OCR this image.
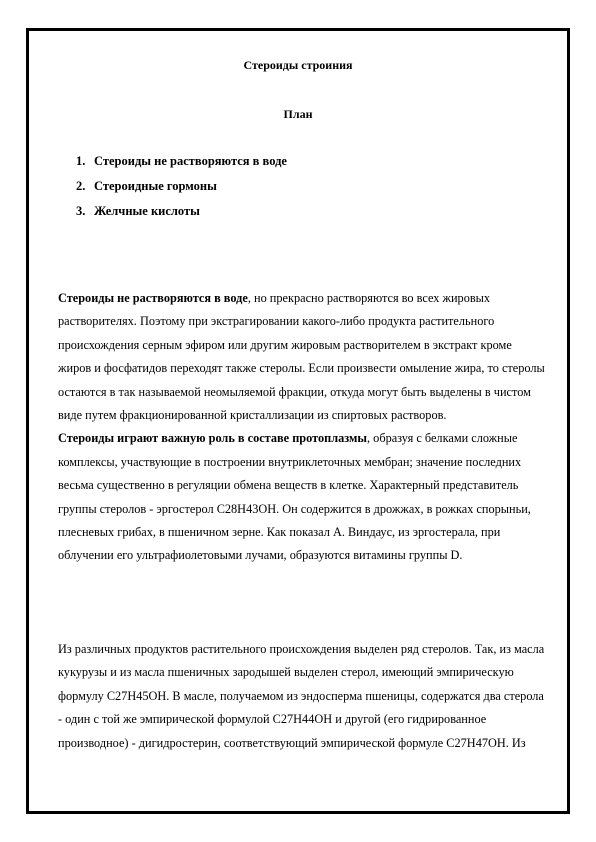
Стероиды строиния
План
1. Стероиды не растворяются в воде
2. Стероидные гормоны
3. Желчные кислоты
Стероиды не растворяются в воде, но прекрасно растворяются во всех жировых растворителях. Поэтому при экстрагировании какого-либо продукта растительного происхождения серным эфиром или другим жировым растворителем в экстракт кроме жиров и фосфатидов переходят также стеролы. Если произвести омыление жира, то стеролы остаются в так называемой неомыляемой фракции, откуда могут быть выделены в чистом виде путем фракционированной кристаллизации из спиртовых растворов.
Стероиды играют важную роль в составе протоплазмы, образуя с белками сложные комплексы, участвующие в построении внутриклеточных мембран; значение последних весьма существенно в регуляции обмена веществ в клетке. Характерный представитель группы стеролов - эргостерол C28H43OH. Он содержится в дрожжах, в рожках спорыньи, плесневых грибах, в пшеничном зерне. Как показал А. Виндаус, из эргостерала, при облучении его ультрафиолетовыми лучами, образуются витамины группы D.
Из различных продуктов растительного происхождения выделен ряд стеролов. Так, из масла кукурузы и из масла пшеничных зародышей выделен стерол, имеющий эмпирическую формулу C27H45OH. В масле, получаемом из эндосперма пшеницы, содержатся два стерола - один с той же эмпирической формулой C27H44OH и другой (его гидрированное производное) - дигидростерин, соответствующий эмпирической формуле C27H47OH. Из
